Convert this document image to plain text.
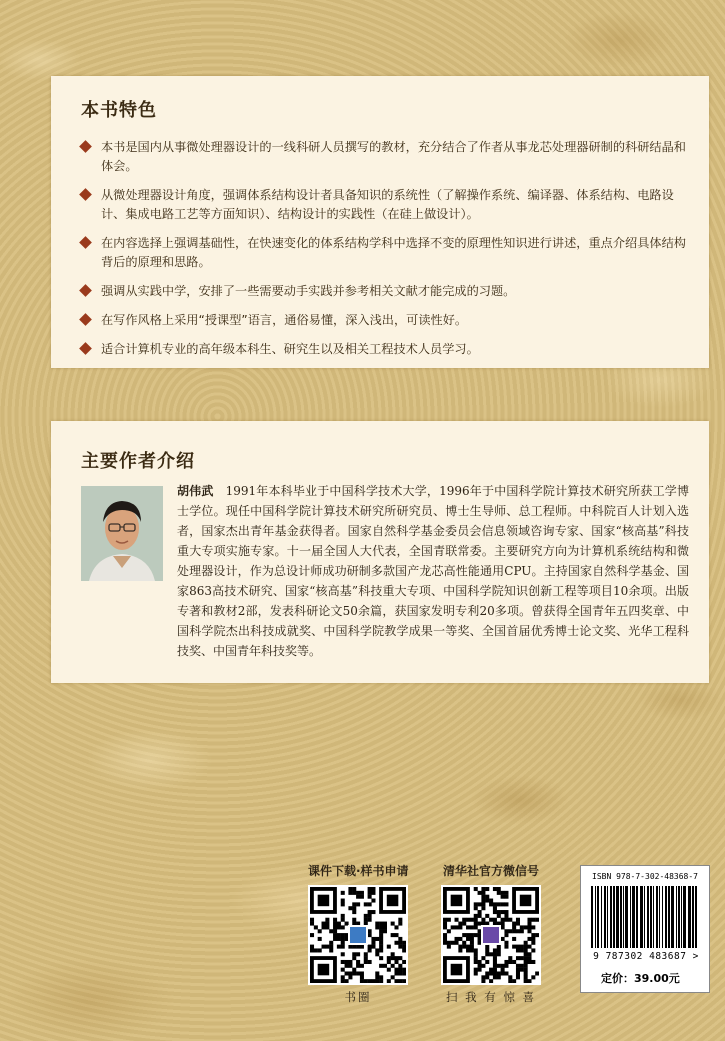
本书特色
本书是国内从事微处理器设计的一线科研人员撰写的教材，充分结合了作者从事龙芯处理器研制的科研结晶和体会。
从微处理器设计角度，强调体系结构设计者具备知识的系统性（了解操作系统、编译器、体系结构、电路设计、集成电路工艺等方面知识）、结构设计的实践性（在硅上做设计）。
在内容选择上强调基础性，在快速变化的体系结构学科中选择不变的原理性知识进行讲述，重点介绍具体结构背后的原理和思路。
强调从实践中学，安排了一些需要动手实践并参考相关文献才能完成的习题。
在写作风格上采用“授课型”语言，通俗易懂，深入浅出，可读性好。
适合计算机专业的高年级本科生、研究生以及相关工程技术人员学习。
主要作者介绍
胡伟武 1991年本科毕业于中国科学技术大学，1996年于中国科学院计算技术研究所获工学博士学位。现任中国科学院计算技术研究所研究员、博士生导师、总工程师。中科院百人计划入选者，国家杰出青年基金获得者。国家自然科学基金委员会信息领域咨询专家、国家“核高基”科技重大专项实施专家。十一届全国人大代表，全国青联常委。主要研究方向为计算机系统结构和微处理器设计，作为总设计师成功研制多款国产龙芯高性能通用CPU。主持国家自然科学基金、国家863高技术研究、国家“核高基”科技重大专项、中国科学院知识创新工程等项目10余项。出版专著和教材2部，发表科研论文50余篇，获国家发明专利20多项。曾获得全国青年五四奖章、中国科学院杰出科技成就奖、中国科学院教学成果一等奖、全国首届优秀博士论文奖、光华工程科技奖、中国青年科技奖等。
课件下载·样书申请
书圈
清华社官方微信号
扫 我 有 惊 喜
ISBN 978-7-302-48368-7
9 787302 483687 >
定价：39.00元
